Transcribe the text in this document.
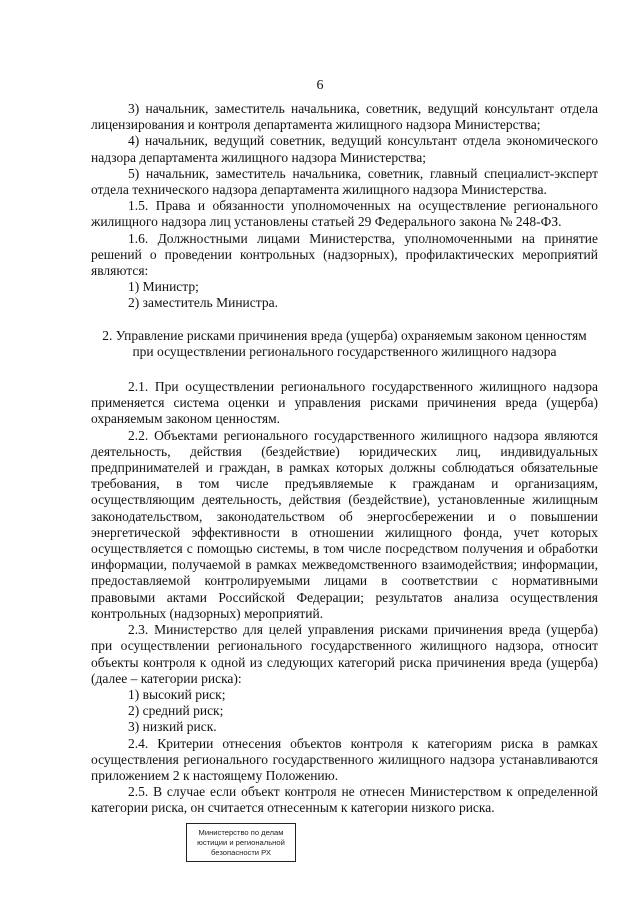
6
3) начальник, заместитель начальника, советник, ведущий консультант отдела лицензирования и контроля департамента жилищного надзора Министерства;
4) начальник, ведущий советник, ведущий консультант отдела экономического надзора департамента жилищного надзора Министерства;
5) начальник, заместитель начальника, советник, главный специалист-эксперт отдела технического надзора департамента жилищного надзора Министерства.
1.5. Права и обязанности уполномоченных на осуществление регионального жилищного надзора лиц установлены статьей 29 Федерального закона № 248-ФЗ.
1.6. Должностными лицами Министерства, уполномоченными на принятие решений о проведении контрольных (надзорных), профилактических мероприятий являются:
1) Министр;
2) заместитель Министра.
2. Управление рисками причинения вреда (ущерба) охраняемым законом ценностям
при осуществлении регионального государственного жилищного надзора
2.1. При осуществлении регионального государственного жилищного надзора применяется система оценки и управления рисками причинения вреда (ущерба) охраняемым законом ценностям.
2.2. Объектами регионального государственного жилищного надзора являются деятельность, действия (бездействие) юридических лиц, индивидуальных предпринимателей и граждан, в рамках которых должны соблюдаться обязательные требования, в том числе предъявляемые к гражданам и организациям, осуществляющим деятельность, действия (бездействие), установленные жилищным законодательством, законодательством об энергосбережении и о повышении энергетической эффективности в отношении жилищного фонда, учет которых осуществляется с помощью системы, в том числе посредством получения и обработки информации, получаемой в рамках межведомственного взаимодействия; информации, предоставляемой контролируемыми лицами в соответствии с нормативными правовыми актами Российской Федерации; результатов анализа осуществления контрольных (надзорных) мероприятий.
2.3. Министерство для целей управления рисками причинения вреда (ущерба) при осуществлении регионального государственного жилищного надзора, относит объекты контроля к одной из следующих категорий риска причинения вреда (ущерба) (далее – категории риска):
1) высокий риск;
2) средний риск;
3) низкий риск.
2.4. Критерии отнесения объектов контроля к категориям риска в рамках осуществления регионального государственного жилищного надзора устанавливаются приложением 2 к настоящему Положению.
2.5. В случае если объект контроля не отнесен Министерством к определенной категории риска, он считается отнесенным к категории низкого риска.
Министерство по делам
юстиции и региональной
безопасности РХ
